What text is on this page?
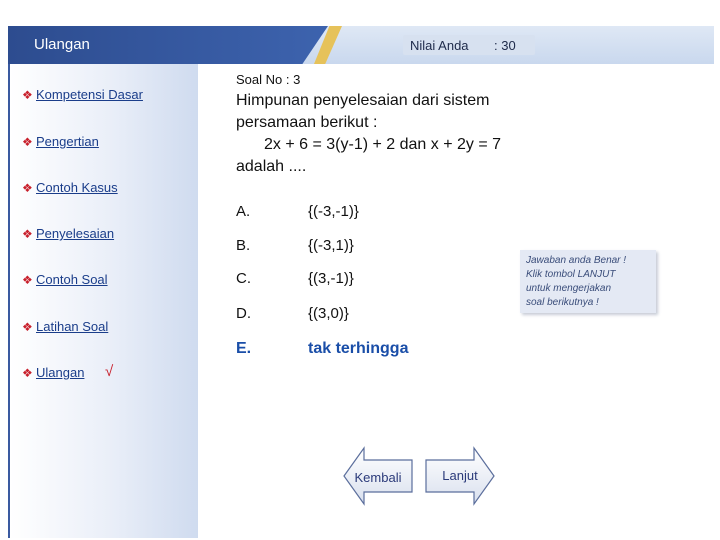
Ulangan	Nilai Anda : 30
❖ Kompetensi Dasar
❖ Pengertian
❖ Contoh Kasus
❖ Penyelesaian
❖ Contoh Soal
❖ Latihan Soal
❖ Ulangan √
Soal No : 3
Himpunan penyelesaian dari sistem
persamaan berikut :
2x + 6 = 3(y-1) + 2 dan x + 2y = 7
adalah ....
A.	{(-3,-1)}
B.	{(-3,1)}
C.	{(3,-1)}
D.	{(3,0)}
E.	tak terhingga
Jawaban anda Benar !
Klik tombol LANJUT
untuk mengerjakan
soal berikutnya !
Kembali	Lanjut
